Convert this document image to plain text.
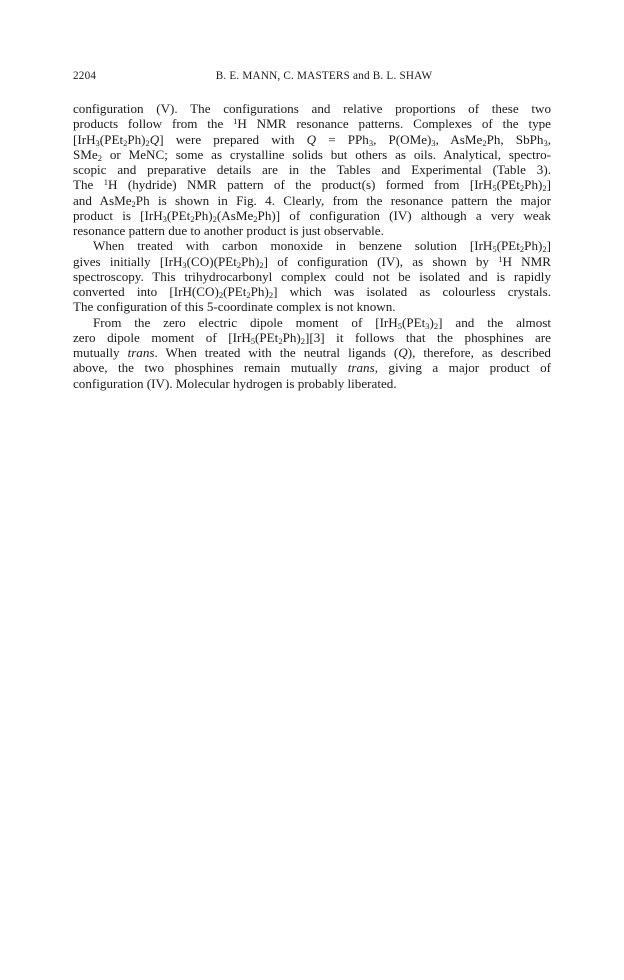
2204	B. E. MANN, C. MASTERS and B. L. SHAW

configuration (V). The configurations and relative proportions of these two

products follow from the $^1$H NMR resonance patterns. Complexes of the type

$[IrH_3(PEt_2Ph)_2Q]$ were prepared with Q = PPh$_3$, $P(OMe)_3$, AsMe$_2$Ph, SbPh$_3$,

SMe$_2$ or MeNC; some as crystalline solids but others as oils. Analytical, spectro-

scopic and preparative details are in the Tables and Experimental (Table 3).

The $^1$H (hydride) NMR pattern of the product(s) formed from $[IrH_5(PEt_2Ph)_2]$

and AsMe$_2$Ph is shown in Fig. 4. Clearly, from the resonance pattern the major

product is $[IrH_3(PEt_2Ph)_2(AsMe_2Ph)]$ of configuration (IV) although a very weak

resonance pattern due to another product is just observable.

When treated with carbon monoxide in benzene solution $[IrH_5(PEt_2Ph)_2]$

gives initially $[IrH_3(CO)(PEt_2Ph)_2]$ of configuration (IV), as shown by $^1$H NMR

spectroscopy. This trihydrocarbonyl complex could not be isolated and is rapidly

converted into $[IrH(CO)_2(PEt_2Ph)_2]$ which was isolated as colourless crystals.

The configuration of this 5-coordinate complex is not known.

From the zero electric dipole moment of $[IrH_5(PEt_3)_2]$ and the almost

zero dipole moment of $[IrH_5(PEt_2Ph)_2][3]$ it follows that the phosphines are

mutually trans. When treated with the neutral ligands (Q), therefore, as described

above, the two phosphines remain mutually trans, giving a major product of

configuration (IV). Molecular hydrogen is probably liberated.
